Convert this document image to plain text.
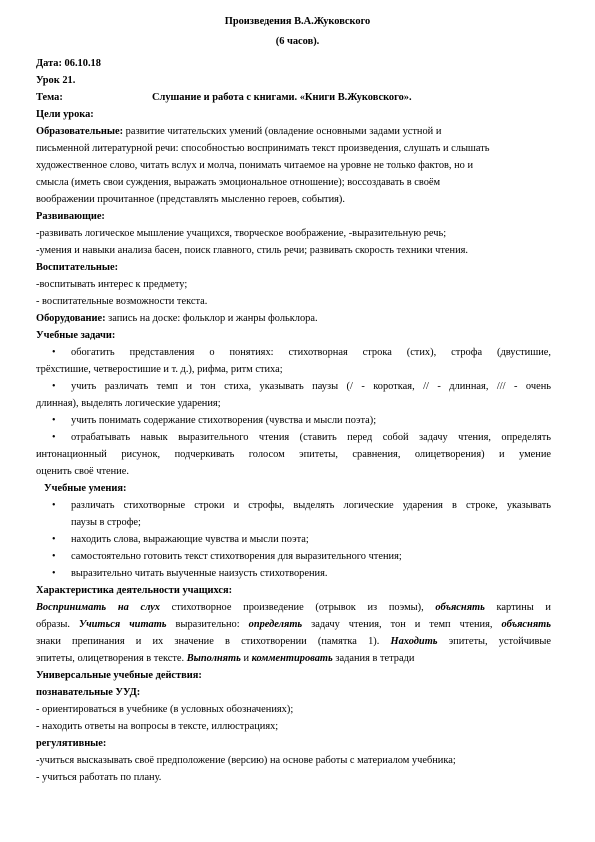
Произведения В.А.Жуковского
(6 часов).
Дата: 06.10.18
Урок 21.
Тема:	Слушание и работа с книгами. «Книги В.Жуковского».
Цели урока:
Образовательные: развитие читательских умений (овладение основными задами устной и
письменной литературной речи: способностью воспринимать текст произведения, слушать и слышать
художественное слово, читать вслух и молча, понимать читаемое на уровне не только фактов, но и
смысла (иметь свои суждения, выражать эмоциональное отношение); воссоздавать в своём
воображении прочитанное (представлять мысленно героев, события).
Развивающие:
-развивать логическое мышление учащихся, творческое воображение, -выразительную речь;
-умения и навыки анализа басен, поиск главного, стиль речи; развивать скорость техники чтения.
Воспитательные:
-воспитывать интерес к предмету;
- воспитательные возможности текста.
Оборудование: запись на доске: фольклор и жанры фольклора.
Учебные задачи:
• обогатить представления о понятиях: стихотворная строка (стих), строфа (двустишие,
трёхстишие, четверостишие и т. д.), рифма, ритм стиха;
• учить различать темп и тон стиха, указывать паузы (/ - короткая, // - длинная, /// - очень
длинная), выделять логические ударения;
• учить понимать содержание стихотворения (чувства и мысли поэта);
• отрабатывать навык выразительного чтения (ставить перед собой задачу чтения, определять
интонационный рисунок, подчеркивать голосом эпитеты, сравнения, олицетворения) и умение
оценить своё чтение.
Учебные умения:
• различать стихотворные строки и строфы, выделять логические ударения в строке, указывать
паузы в строфе;
• находить слова, выражающие чувства и мысли поэта;
• самостоятельно готовить текст стихотворения для выразительного чтения;
• выразительно читать выученные наизусть стихотворения.
Характеристика деятельности учащихся:
Воспринимать на слух стихотворное произведение (отрывок из поэмы), объяснять картины и
образы. Учиться читать выразительно: определять задачу чтения, тон и темп чтения, объяснять
знаки препинания и их значение в стихотворении (памятка 1). Находить эпитеты, устойчивые
эпитеты, олицетворения в тексте. Выполнять и комментировать задания в тетради
Универсальные учебные действия:
познавательные УУД:
- ориентироваться в учебнике (в условных обозначениях);
- находить ответы на вопросы в тексте, иллюстрациях;
регулятивные:
-учиться высказывать своё предположение (версию) на основе работы с материалом учебника;
- учиться работать по плану.
